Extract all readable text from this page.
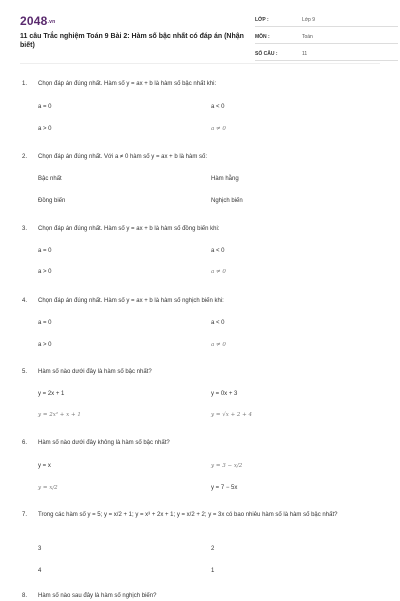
2048.vn
11 câu Trắc nghiệm Toán 9 Bài 2: Hàm số bậc nhất có đáp án (Nhận biết)
LỚP :	Lớp 9
MÔN :	Toán
SỐ CÂU :	11
1. Chọn đáp án đúng nhất. Hàm số y = ax + b là hàm số bậc nhất khi:
a = 0	a < 0
a > 0	a ≠ 0
2. Chọn đáp án đúng nhất. Với a ≠ 0 hàm số y = ax + b là hàm số:
Bậc nhất	Hàm hằng
Đồng biến	Nghịch biến
3. Chọn đáp án đúng nhất. Hàm số y = ax + b là hàm số đồng biến khi:
a = 0	a < 0
a > 0	a ≠ 0
4. Chọn đáp án đúng nhất. Hàm số y = ax + b là hàm số nghịch biến khi:
a = 0	a < 0
a > 0	a ≠ 0
5. Hàm số nào dưới đây là hàm số bậc nhất?
y = 2x + 1	y = 0x + 3
y = 2x² + x + 1	y = √x + 2 + 4
6. Hàm số nào dưới đây không là hàm số bậc nhất?
y = x	y = 3 − x/2
y = x/2	y = 7 − 5x
7. Trong các hàm số y = 5; y = x/2 + 1; y = x³ + 2x + 1; y = x/2 + 2; y = 3x có bao nhiêu hàm số là hàm số bậc nhất?
3	2
4	1
8. Hàm số nào sau đây là hàm số nghịch biến?
